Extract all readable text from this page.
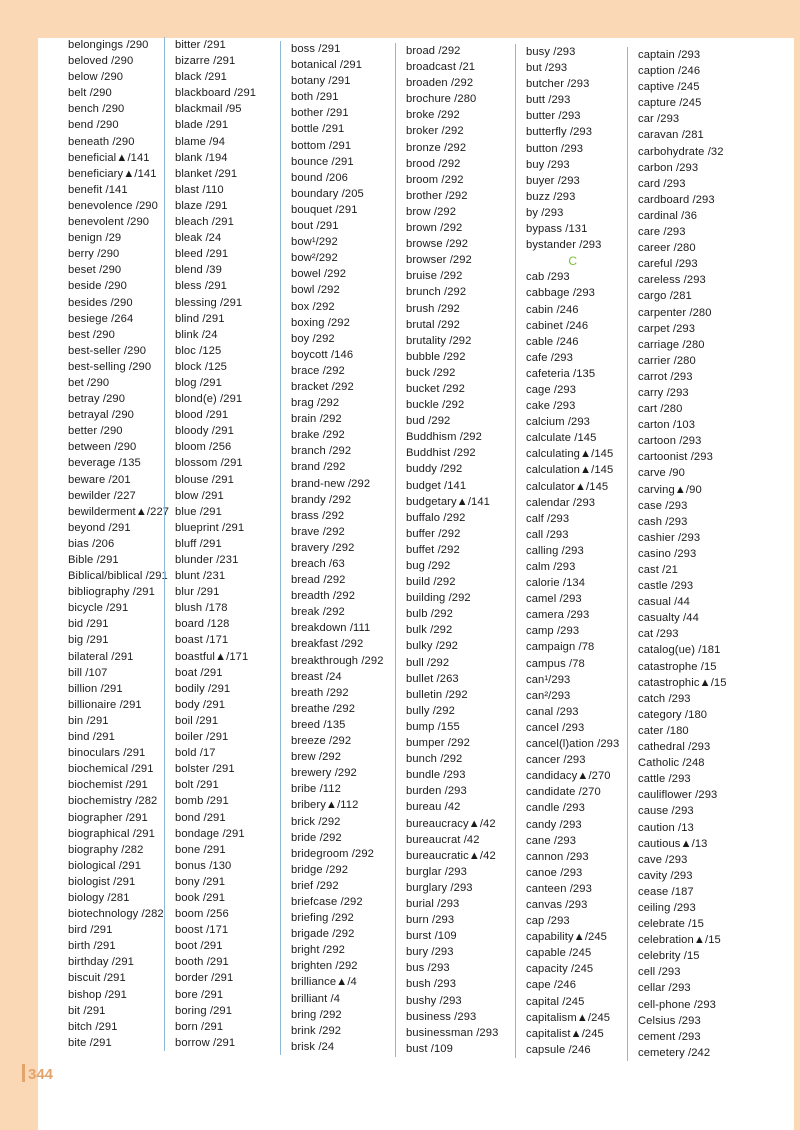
belongings /290
beloved /290
below /290
belt /290
bench /290
bend /290
beneath /290
beneficial▲/141
beneficiary▲/141
benefit /141
benevolence /290
benevolent /290
benign /29
berry /290
beset /290
beside /290
besides /290
besiege /264
best /290
best-seller /290
best-selling /290
bet /290
betray /290
betrayal /290
better /290
between /290
beverage /135
beware /201
bewilder /227
bewilderment▲/227
beyond /291
bias /206
Bible /291
Biblical/biblical /291
bibliography /291
bicycle /291
bid /291
big /291
bilateral /291
bill /107
billion /291
billionaire /291
bin /291
bind /291
binoculars /291
biochemical /291
biochemist /291
biochemistry /282
biographer /291
biographical /291
biography /282
biological /291
biologist /291
biology /281
biotechnology /282
bird /291
birth /291
birthday /291
biscuit /291
bishop /291
bit /291
bitch /291
bite /291
bitter /291
bizarre /291
black /291
blackboard /291
blackmail /95
blade /291
blame /94
blank /194
blanket /291
blast /110
blaze /291
bleach /291
bleak /24
bleed /291
blend /39
bless /291
blessing /291
blind /291
blink /24
bloc /125
block /125
blog /291
blond(e) /291
blood /291
bloody /291
bloom /256
blossom /291
blouse /291
blow /291
blue /291
blueprint /291
bluff /291
blunder /231
blunt /231
blur /291
blush /178
board /128
boast /171
boastful▲/171
boat /291
bodily /291
body /291
boil /291
boiler /291
bold /17
bolster /291
bolt /291
bomb /291
bond /291
bondage /291
bone /291
bonus /130
bony /291
book /291
boom /256
boost /171
boot /291
booth /291
border /291
bore /291
boring /291
born /291
borrow /291
boss /291
botanical /291
botany /291
both /291
bother /291
bottle /291
bottom /291
bounce /291
bound /206
boundary /205
bouquet /291
bout /291
bow¹/292
bow²/292
bowel /292
bowl /292
box /292
boxing /292
boy /292
boycott /146
brace /292
bracket /292
brag /292
brain /292
brake /292
branch /292
brand /292
brand-new /292
brandy /292
brass /292
brave /292
bravery /292
breach /63
bread /292
breadth /292
break /292
breakdown /111
breakfast /292
breakthrough /292
breast /24
breath /292
breathe /292
breed /135
breeze /292
brew /292
brewery /292
bribe /112
bribery▲/112
brick /292
bride /292
bridegroom /292
bridge /292
brief /292
briefcase /292
briefing /292
brigade /292
bright /292
brighten /292
brilliance▲/4
brilliant /4
bring /292
brink /292
brisk /24
broad /292
broadcast /21
broaden /292
brochure /280
broke /292
broker /292
bronze /292
brood /292
broom /292
brother /292
brow /292
brown /292
browse /292
browser /292
bruise /292
brunch /292
brush /292
brutal /292
brutality /292
bubble /292
buck /292
bucket /292
buckle /292
bud /292
Buddhism /292
Buddhist /292
buddy /292
budget /141
budgetary▲/141
buffalo /292
buffer /292
buffet /292
bug /292
build /292
building /292
bulb /292
bulk /292
bulky /292
bull /292
bullet /263
bulletin /292
bully /292
bump /155
bumper /292
bunch /292
bundle /293
burden /293
bureau /42
bureaucracy▲/42
bureaucrat /42
bureaucratic▲/42
burglar /293
burglary /293
burial /293
burn /293
burst /109
bury /293
bus /293
bush /293
bushy /293
business /293
businessman /293
bust /109
busy /293
but /293
butcher /293
butt /293
butter /293
butterfly /293
button /293
buy /293
buyer /293
buzz /293
by /293
bypass /131
bystander /293
C
cab /293
cabbage /293
cabin /246
cabinet /246
cable /246
cafe /293
cafeteria /135
cage /293
cake /293
calcium /293
calculate /145
calculating▲/145
calculation▲/145
calculator▲/145
calendar /293
calf /293
call /293
calling /293
calm /293
calorie /134
camel /293
camera /293
camp /293
campaign /78
campus /78
can¹/293
can²/293
canal /293
cancel /293
cancel(l)ation /293
cancer /293
candidacy▲/270
candidate /270
candle /293
candy /293
cane /293
cannon /293
canoe /293
canteen /293
canvas /293
cap /293
capability▲/245
capable /245
capacity /245
cape /246
capital /245
capitalism▲/245
capitalist▲/245
capsule /246
captain /293
caption /246
captive /245
capture /245
car /293
caravan /281
carbohydrate /32
carbon /293
card /293
cardboard /293
cardinal /36
care /293
career /280
careful /293
careless /293
cargo /281
carpenter /280
carpet /293
carriage /280
carrier /280
carrot /293
carry /293
cart /280
carton /103
cartoon /293
cartoonist /293
carve /90
carving▲/90
case /293
cash /293
cashier /293
casino /293
cast /21
castle /293
casual /44
casualty /44
cat /293
catalog(ue) /181
catastrophe /15
catastrophic▲/15
catch /293
category /180
cater /180
cathedral /293
Catholic /248
cattle /293
cauliflower /293
cause /293
caution /13
cautious▲/13
cave /293
cavity /293
cease /187
ceiling /293
celebrate /15
celebration▲/15
celebrity /15
cell /293
cellar /293
cell-phone /293
Celsius /293
cement /293
cemetery /242
344
